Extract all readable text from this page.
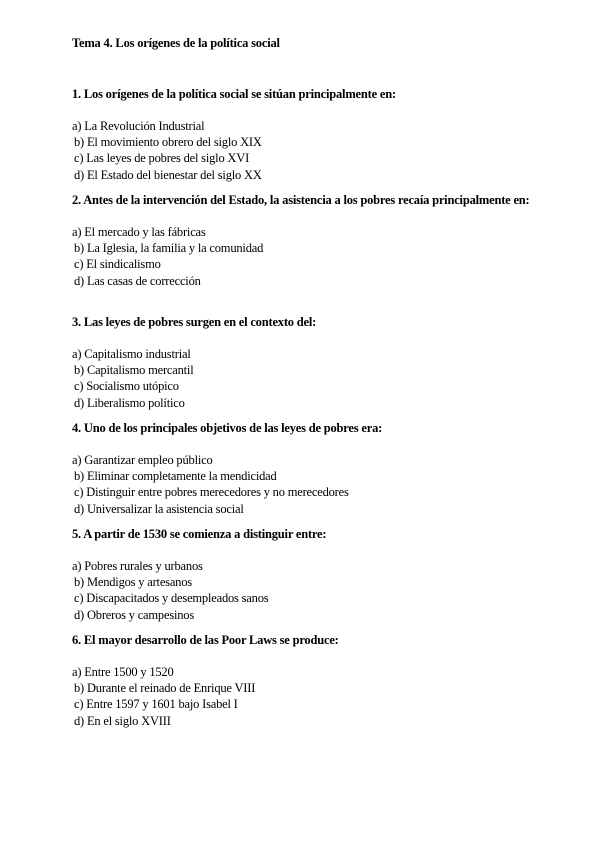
Tema 4. Los orígenes de la política social

1. Los orígenes de la política social se sitúan principalmente en:

a) La Revolución Industrial
b) El movimiento obrero del siglo XIX
c) Las leyes de pobres del siglo XVI
d) El Estado del bienestar del siglo XX

2. Antes de la intervención del Estado, la asistencia a los pobres recaía principalmente en:

a) El mercado y las fábricas
b) La Iglesia, la familia y la comunidad
c) El sindicalismo
d) Las casas de corrección

3. Las leyes de pobres surgen en el contexto del:

a) Capitalismo industrial
b) Capitalismo mercantil
c) Socialismo utópico
d) Liberalismo político

4. Uno de los principales objetivos de las leyes de pobres era:

a) Garantizar empleo público
b) Eliminar completamente la mendicidad
c) Distinguir entre pobres merecedores y no merecedores
d) Universalizar la asistencia social

5. A partir de 1530 se comienza a distinguir entre:

a) Pobres rurales y urbanos
b) Mendigos y artesanos
c) Discapacitados y desempleados sanos
d) Obreros y campesinos

6. El mayor desarrollo de las Poor Laws se produce:

a) Entre 1500 y 1520
b) Durante el reinado de Enrique VIII
c) Entre 1597 y 1601 bajo Isabel I
d) En el siglo XVIII
